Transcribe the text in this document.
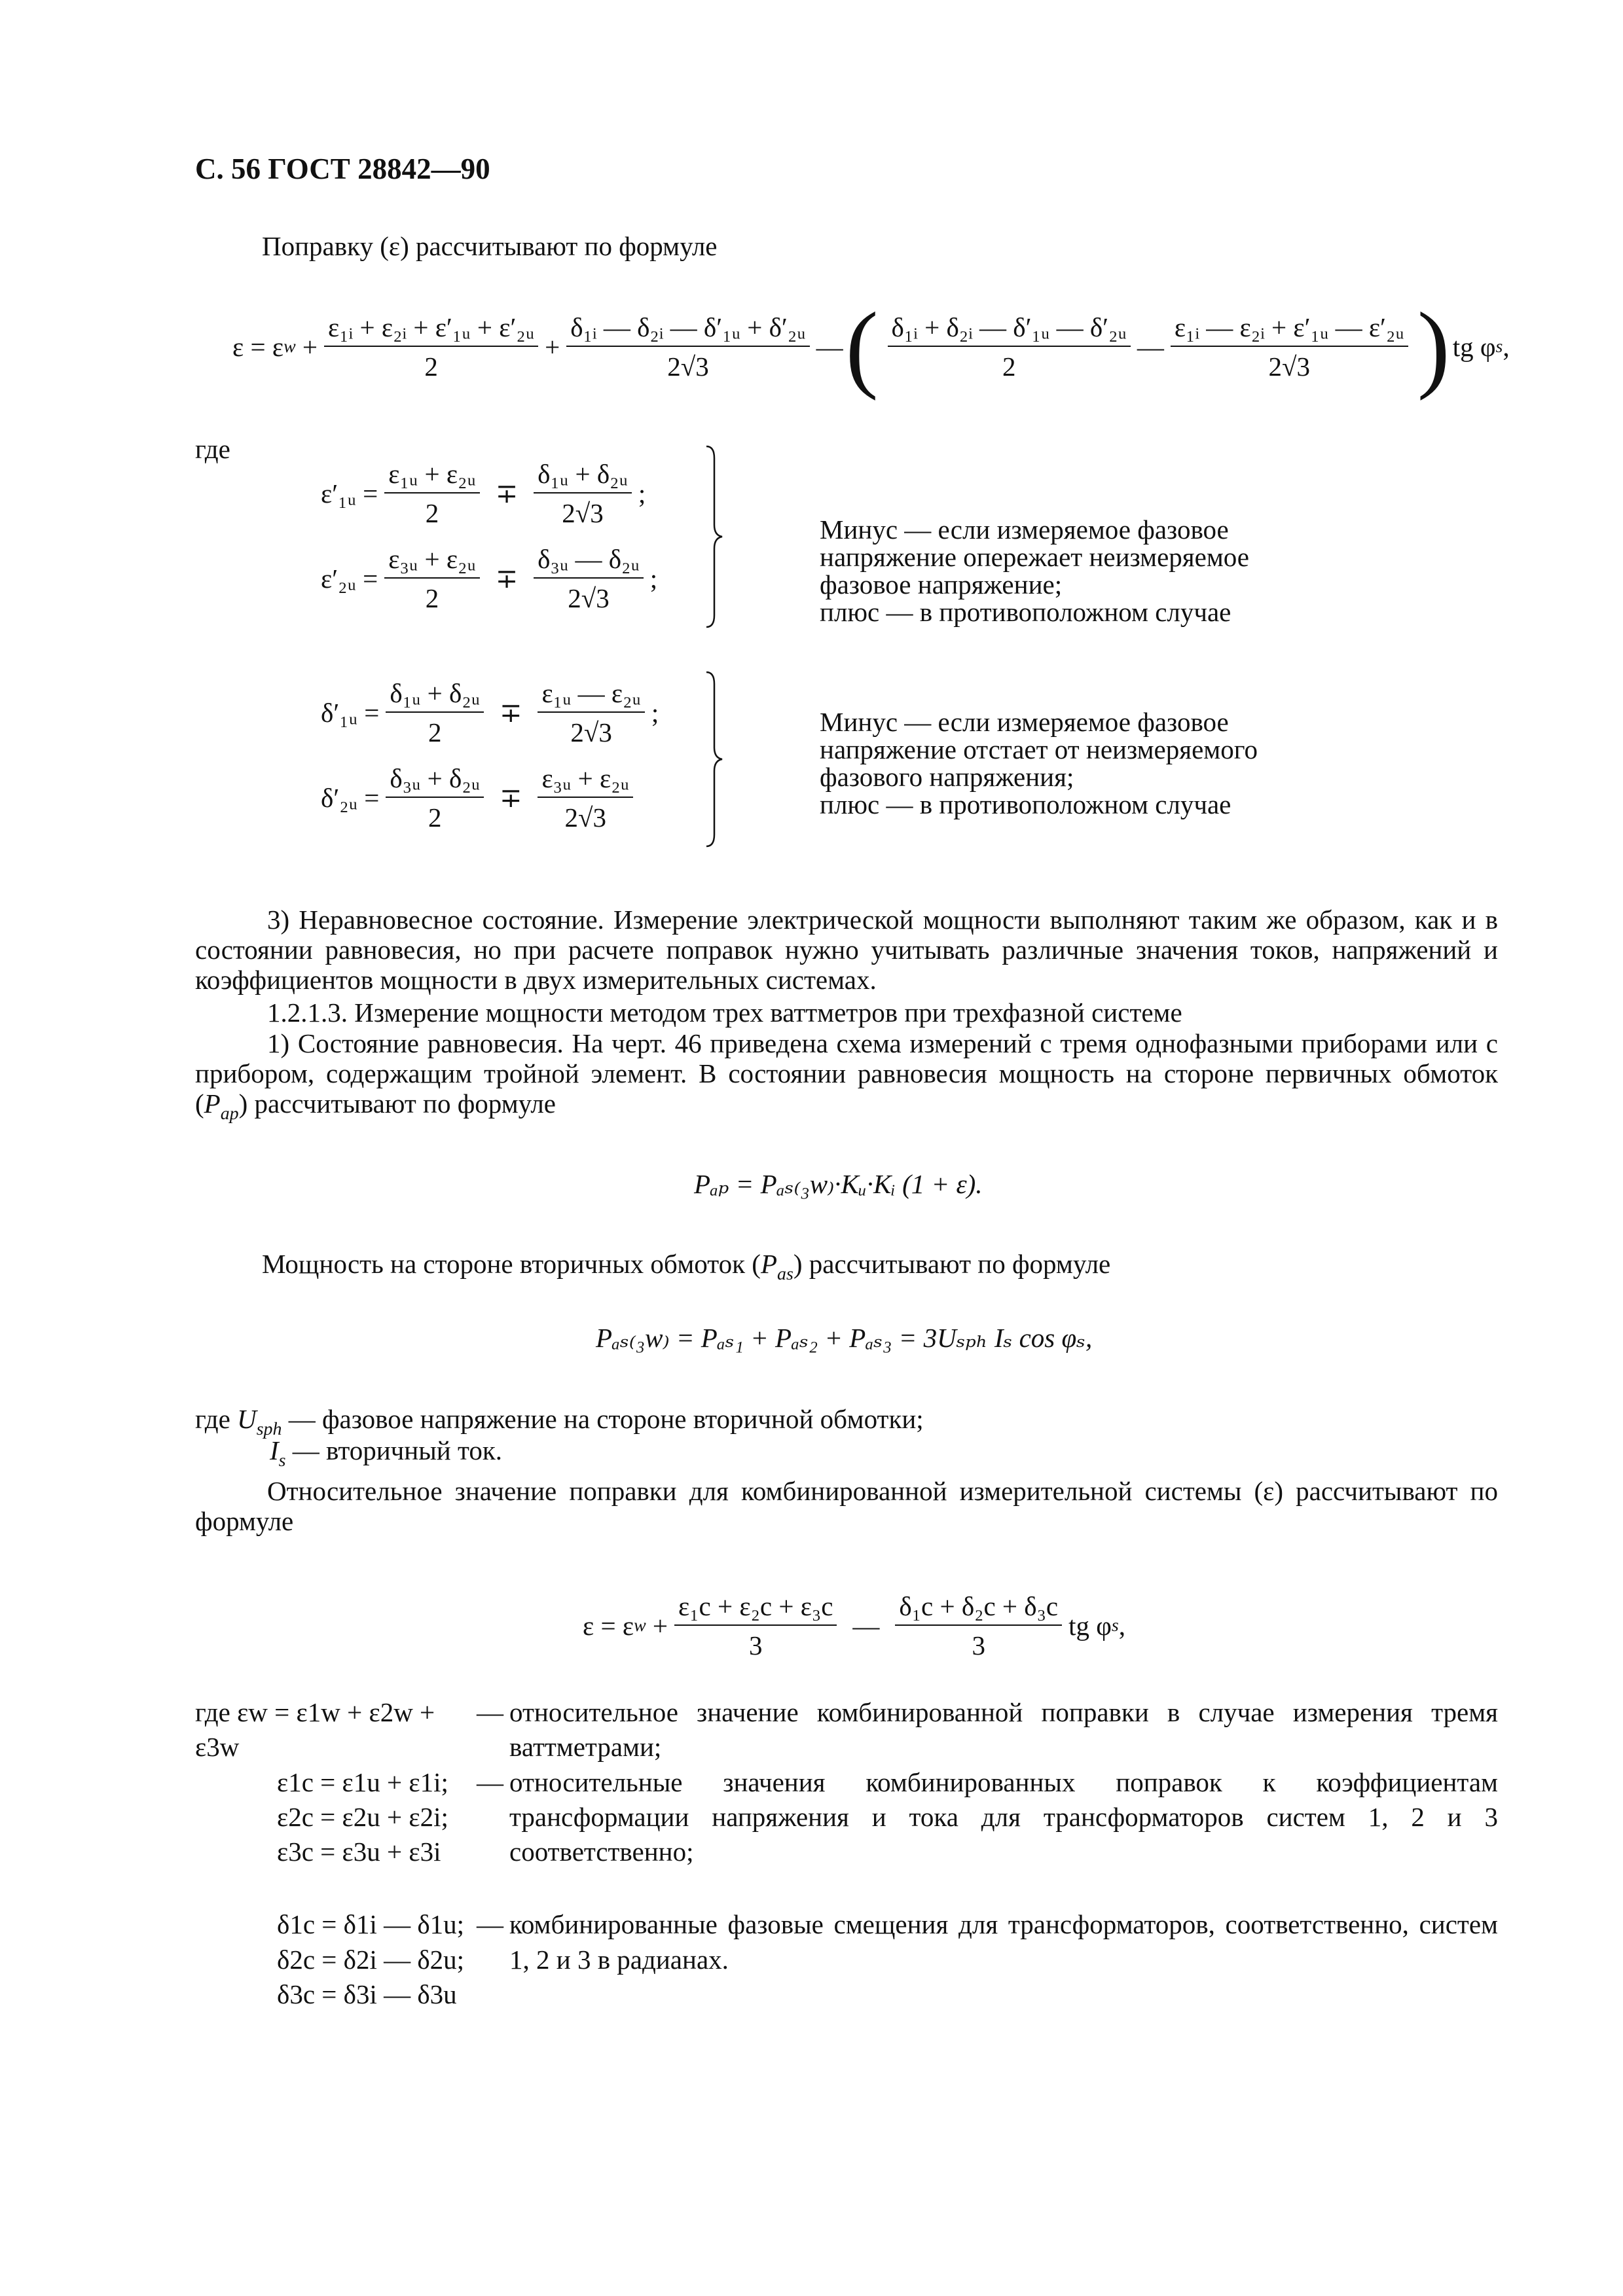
С. 56 ГОСТ 28842—90
Поправку (ε) рассчитывают по формуле
ε = ε $w + \frac{\text{ε₁ᵢ + ε₂ᵢ + ε′₁ᵤ + ε′₂ᵤ}}{2} + \frac{\text{δ₁ᵢ — δ₂ᵢ — δ′₁ᵤ + δ′₂ᵤ}}{2√3}$ — ( $\frac{\text{δ₁ᵢ + δ₂ᵢ — δ′₁ᵤ — δ′₂ᵤ}}{2}$ — $\frac{\text{ε₁ᵢ — ε₂ᵢ + ε′₁ᵤ — ε′₂ᵤ}}{2√3}$ ) tg φ s ,
где
ε′₁ᵤ = $\frac{\text{ε₁ᵤ + ε₂ᵤ}}{2} \mp \frac{\text{δ₁ᵤ + δ₂ᵤ}}{2√3}$ ;
ε′₂ᵤ = $\frac{\text{ε₃ᵤ + ε₂ᵤ}}{2} \mp \frac{\text{δ₃ᵤ — δ₂ᵤ}}{2√3}$ ;
Минус — если измеряемое фазовое
напряжение опережает неизмеряемое
фазовое напряжение;
плюс — в противоположном случае
δ′₁ᵤ = $\frac{\text{δ₁ᵤ + δ₂ᵤ}}{2} \mp \frac{\text{ε₁ᵤ — ε₂ᵤ}}{2√3}$ ;
δ′₂ᵤ = $\frac{\text{δ₃ᵤ + δ₂ᵤ}}{2} \mp \frac{\text{ε₃ᵤ + ε₂ᵤ}}{2√3}$
Минус — если измеряемое фазовое
напряжение отстает от неизмеряемого
фазового напряжения;
плюс — в противоположном случае
3) Неравновесное состояние. Измерение электрической мощности выполняют таким же образом, как и в состоянии равновесия, но при расчете поправок нужно учитывать различные значения токов, напряжений и коэффициентов мощности в двух измерительных системах.
1.2.1.3. Измерение мощности методом трех ваттметров при трехфазной системе
1) Состояние равновесия. На черт. 46 приведена схема измерений с тремя однофазными приборами или с прибором, содержащим тройной элемент. В состоянии равновесия мощность на стороне первичных обмоток $(P_{ap})$ рассчитывают по формуле
Pₐₚ = Pₐₛ₍₃w₎·Kᵤ·Kᵢ (1 + ε).
Мощность на стороне вторичных обмоток $(P_{as})$ рассчитывают по формуле
Pₐₛ₍₃w₎ = Pₐₛ₁ + Pₐₛ₂ + Pₐₛ₃ = 3Uₛₚₕ Iₛ cos φₛ,
где $U_{sph}$ — фазовое напряжение на стороне вторичной обмотки;
$I_s$ — вторичный ток.
Относительное значение поправки для комбинированной измерительной системы (ε) рассчитывают по формуле
ε = ε $w + \frac{\text{ε₁c + ε₂c + ε₃c}}{3}$ — $\frac{\text{δ₁c + δ₂c + δ₃c}}{3}$ tg φ s ,
где εw = ε1w + ε2w + ε3w	—	относительное значение комбинированной поправки в случае измерения тремя ваттметрами;
ε1c = ε1u + ε1i;	—	относительные значения комбинированных поправок к коэффициентам трансформации напряжения и тока для трансформаторов систем 1, 2 и 3 соответственно;
ε2c = ε2u + ε2i;		
ε3c = ε3u + ε3i		

δ1c = δ1i — δ1u;	—	комбинированные фазовые смещения для трансформаторов, соответственно, систем 1, 2 и 3 в радианах.
δ2c = δ2i — δ2u;		
δ3c = δ3i — δ3u		
